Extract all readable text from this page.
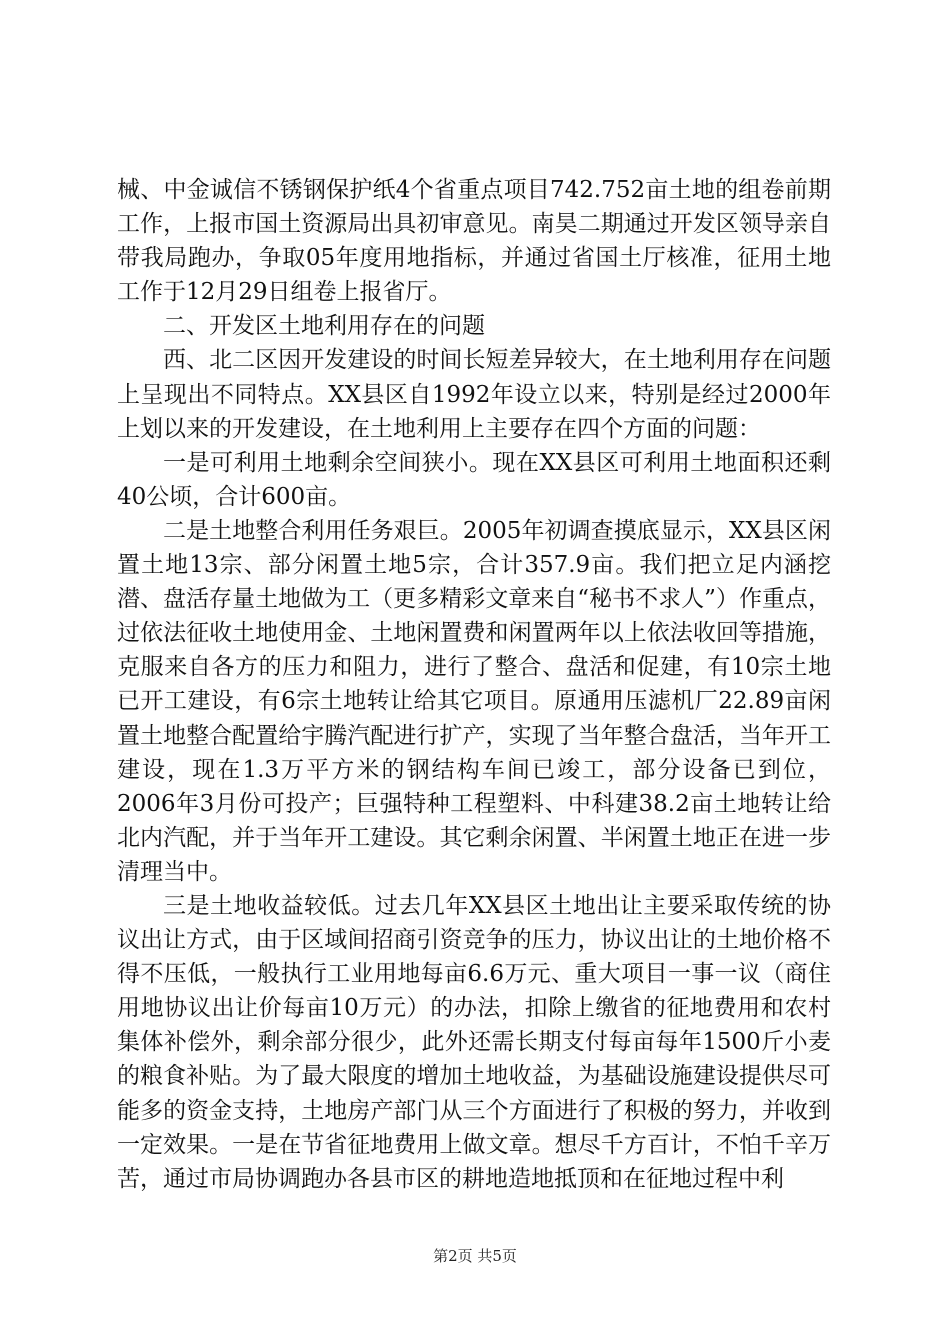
械、中金诚信不锈钢保护纸4个省重点项目742.752亩土地的组卷前期工作，上报市国土资源局出具初审意见。南昊二期通过开发区领导亲自带我局跑办，争取05年度用地指标，并通过省国土厅核准，征用土地工作于12月29日组卷上报省厅。

二、开发区土地利用存在的问题

西、北二区因开发建设的时间长短差异较大，在土地利用存在问题上呈现出不同特点。XX县区自1992年设立以来，特别是经过2000年上划以来的开发建设，在土地利用上主要存在四个方面的问题：

一是可利用土地剩余空间狭小。现在XX县区可利用土地面积还剩40公顷，合计600亩。

二是土地整合利用任务艰巨。2005年初调查摸底显示，XX县区闲置土地13宗、部分闲置土地5宗，合计357.9亩。我们把立足内涵挖潜、盘活存量土地做为工（更多精彩文章来自“秘书不求人”）作重点，过依法征收土地使用金、土地闲置费和闲置两年以上依法收回等措施，克服来自各方的压力和阻力，进行了整合、盘活和促建，有10宗土地已开工建设，有6宗土地转让给其它项目。原通用压滤机厂22.89亩闲置土地整合配置给宇腾汽配进行扩产，实现了当年整合盘活，当年开工建设，现在1.3万平方米的钢结构车间已竣工，部分设备已到位，2006年3月份可投产；巨强特种工程塑料、中科建38.2亩土地转让给北内汽配，并于当年开工建设。其它剩余闲置、半闲置土地正在进一步清理当中。

三是土地收益较低。过去几年XX县区土地出让主要采取传统的协议出让方式，由于区域间招商引资竞争的压力，协议出让的土地价格不得不压低，一般执行工业用地每亩6.6万元、重大项目一事一议（商住用地协议出让价每亩10万元）的办法，扣除上缴省的征地费用和农村集体补偿外，剩余部分很少，此外还需长期支付每亩每年1500斤小麦的粮食补贴。为了最大限度的增加土地收益，为基础设施建设提供尽可能多的资金支持，土地房产部门从三个方面进行了积极的努力，并收到一定效果。一是在节省征地费用上做文章。想尽千方百计，不怕千辛万苦，通过市局协调跑办各县市区的耕地造地抵顶和在征地过程中利

第2页 共5页
